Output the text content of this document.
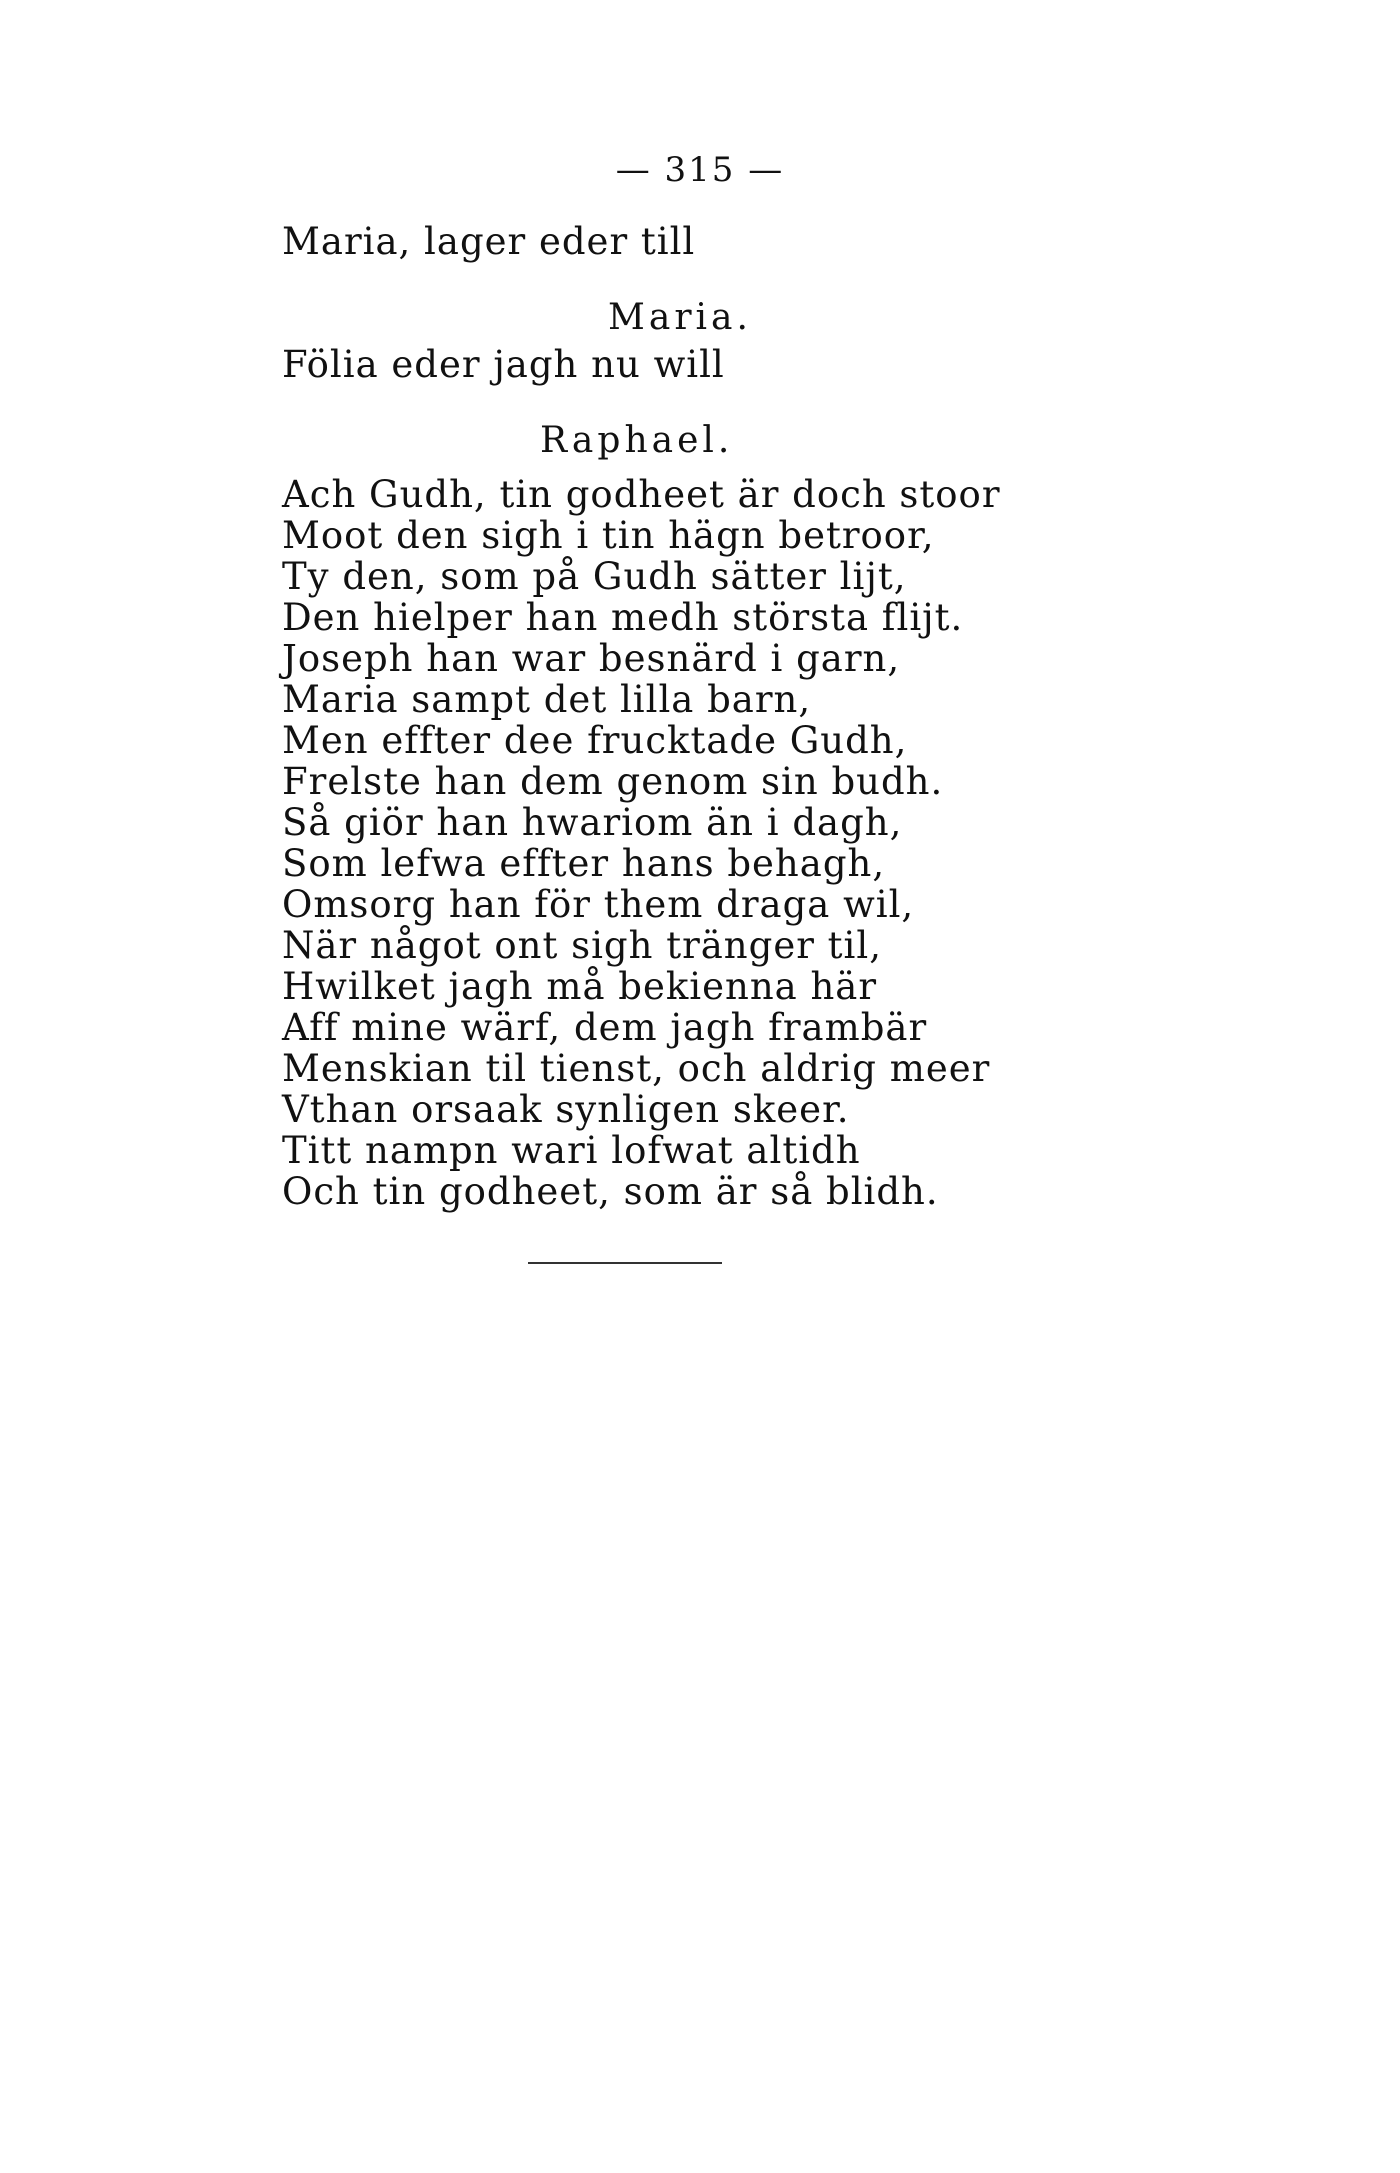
— 315 —
Maria, lager eder till
Maria.
Fölia eder jagh nu will
Raphael.
Ach Gudh, tin godheet är doch stoor
Moot den sigh i tin hägn betroor,
Ty den, som på Gudh sätter lijt,
Den hielper han medh största flijt.
Joseph han war besnärd i garn,
Maria sampt det lilla barn,
Men effter dee frucktade Gudh,
Frelste han dem genom sin budh.
Så giör han hwariom än i dagh,
Som lefwa effter hans behagh,
Omsorg han för them draga wil,
När något ont sigh tränger til,
Hwilket jagh må bekienna här
Aff mine wärf, dem jagh frambär
Menskian til tienst, och aldrig meer
Vthan orsaak synligen skeer.
Titt nampn wari lofwat altidh
Och tin godheet, som är så blidh.
